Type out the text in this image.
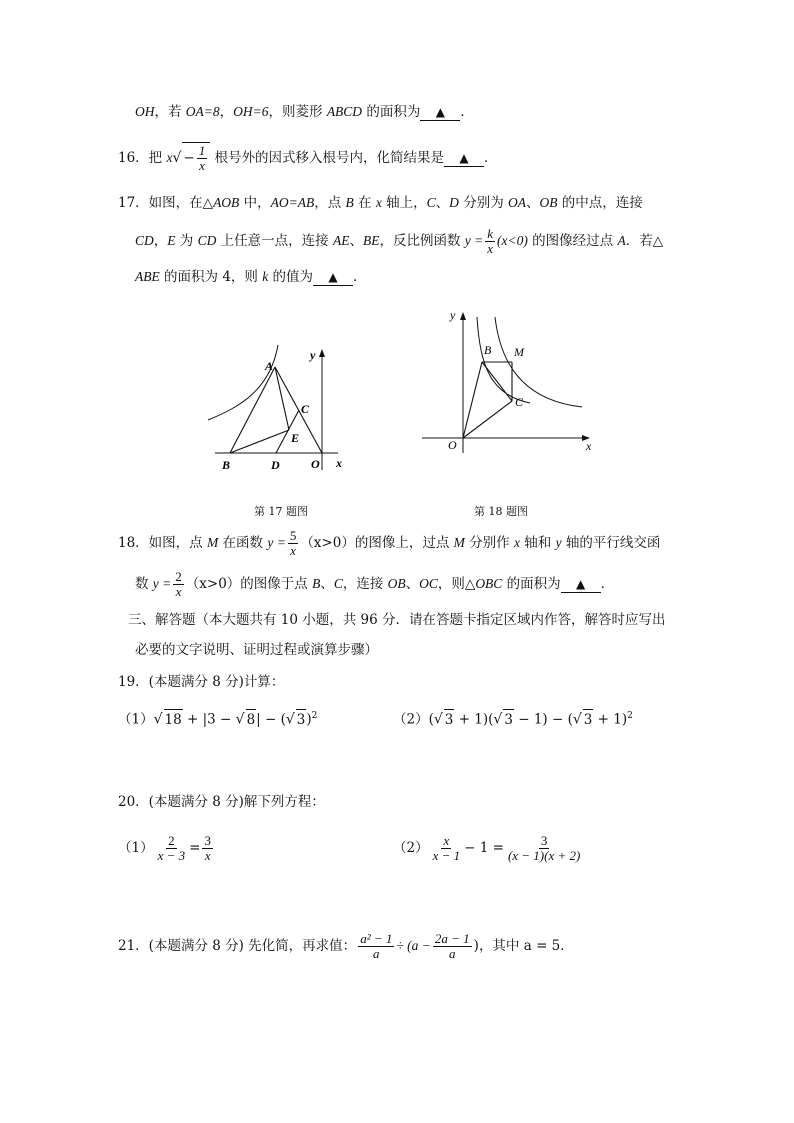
OH，若 OA=8，OH=6，则菱形 ABCD 的面积为 ▲ ．
16．把 $x√ - \frac{1}{x}$ 根号外的因式移入根号内，化简结果是 ▲ ．
17．如图，在△AOB 中，AO=AB，点 B 在 x 轴上，C、D 分别为 OA、OB 的中点，连接
CD，E 为 CD 上任意一点，连接 AE、BE，反比例函数 $y = \frac{k}{x} (x<0)$ 的图像经过点 A．若△
ABE 的面积为 4，则 k 的值为 ▲ ．
A
B
C
D
E
O x
y
第 17 题图
B M
C
O	x
y
第 18 题图
18．如图，点 M 在函数 $y = \frac{5}{x} (x>0)$的图像上，过点 M 分别作 x 轴和 y 轴的平行线交函
数 $y = \frac{2}{x} (x>0)$的图像于点 B、C，连接 OB、OC，则△OBC 的面积为 ▲ ．
三、解答题（本大题共有 10 小题，共 96 分．请在答题卡指定区域内作答，解答时应写出
必要的文字说明、证明过程或演算步骤）
19．(本题满分 8 分)计算：
（1）√ 18 + |3 − √ 8| − (√ 3)$^2$	（2）(√ 3 + 1)(√ 3 − 1) − (√ 3 + 1)$^2$
20．(本题满分 8 分)解下列方程：
$(1) \frac{2}{x - 3} = \frac{3}{x}$	$(2) \frac{x}{x - 1} - 1 = \frac{3}{(x - 1)(x + 2)}$
21．(本题满分 8 分) 先化简，再求值： $\frac{\text{a² − 1}}{a} \div (a - \frac{2a - 1}{a}$ )，其中 a = 5．
